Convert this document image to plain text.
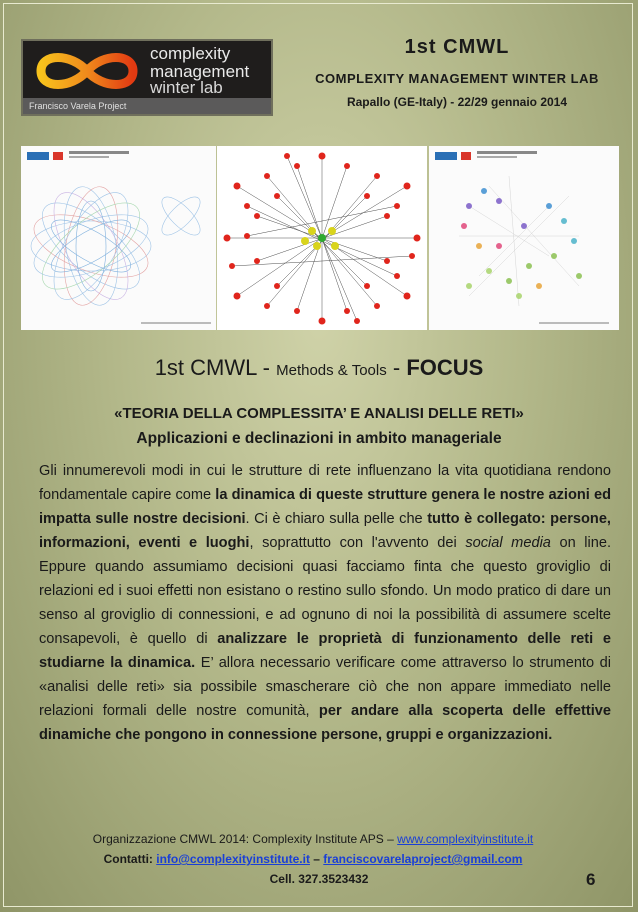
complexity
management
winter lab
Francisco Varela Project
1st CMWL
COMPLEXITY MANAGEMENT WINTER LAB
Rapallo (GE-Italy) - 22/29 gennaio 2014
1st CMWL - Methods & Tools - FOCUS
«TEORIA DELLA COMPLESSITA’ E ANALISI DELLE RETI»
Applicazioni e declinazioni in ambito manageriale
Gli innumerevoli modi in cui le strutture di rete influenzano la vita quotidiana rendono fondamentale capire come la dinamica di queste strutture genera le nostre azioni ed impatta sulle nostre decisioni. Ci è chiaro sulla pelle che tutto è collegato: persone, informazioni, eventi e luoghi, soprattutto con l'avvento dei social media on line. Eppure quando assumiamo decisioni quasi facciamo finta che questo groviglio di relazioni ed i suoi effetti non esistano o restino sullo sfondo. Un modo pratico di dare un senso al groviglio di connessioni, e ad ognuno di noi la possibilità di assumere scelte consapevoli, è quello di analizzare le proprietà di funzionamento delle reti e studiarne la dinamica. E’ allora necessario verificare come attraverso lo strumento di «analisi delle reti» sia possibile smascherare ciò che non appare immediato nelle relazioni formali delle nostre comunità, per andare alla scoperta delle effettive dinamiche che pongono in connessione persone, gruppi e organizzazioni.
Organizzazione CMWL 2014: Complexity Institute APS – www.complexityinstitute.it
Contatti: info@complexityinstitute.it – franciscovarelaproject@gmail.com
Cell. 327.3523432	6
